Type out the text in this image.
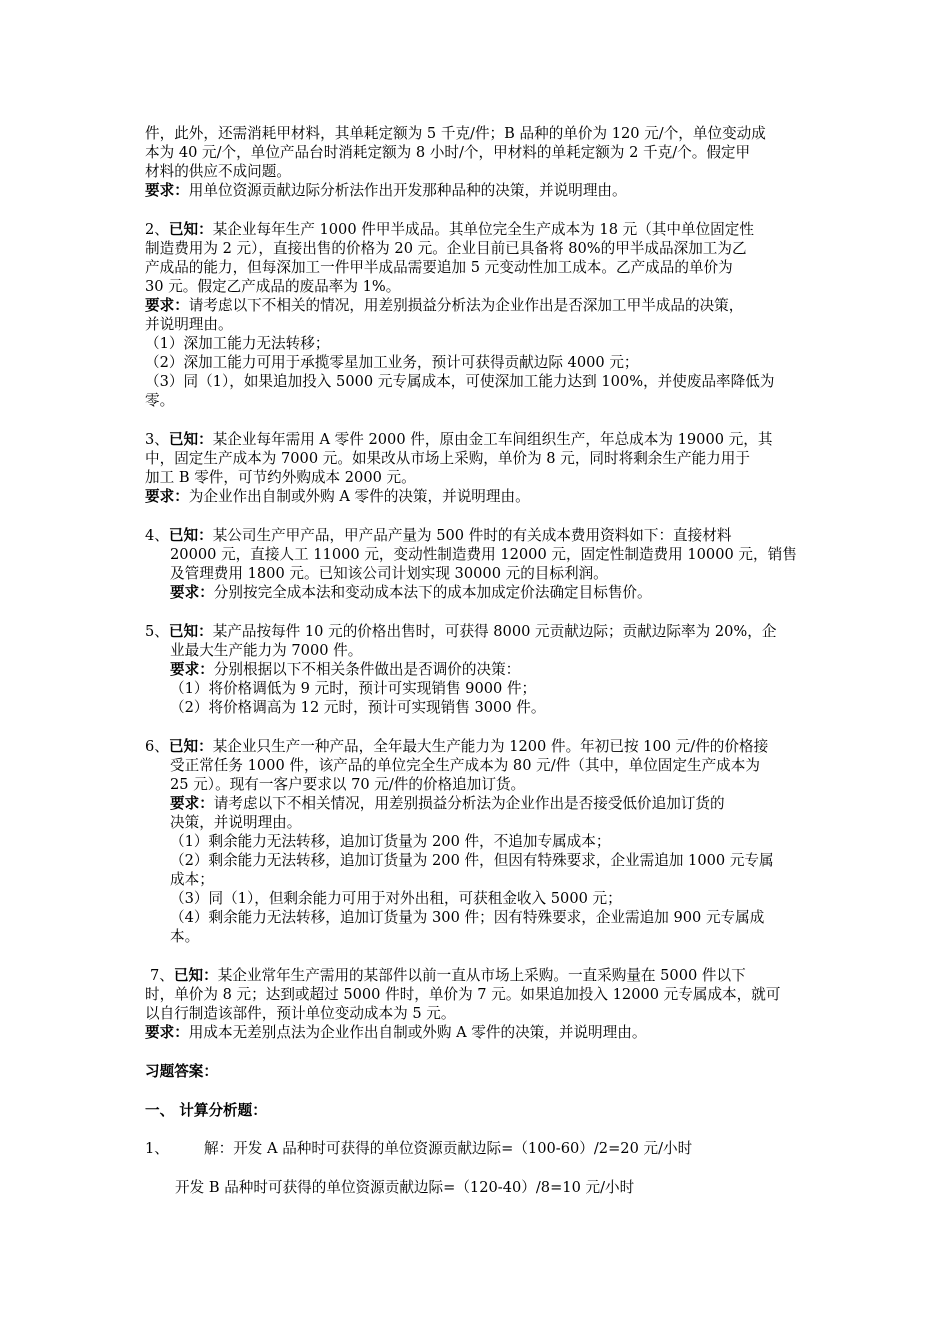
件，此外，还需消耗甲材料，其单耗定额为 5 千克/件；B 品种的单价为 120 元/个，单位变动成
本为 40 元/个，单位产品台时消耗定额为 8 小时/个，甲材料的单耗定额为 2 千克/个。假定甲
材料的供应不成问题。
要求：用单位资源贡献边际分析法作出开发那种品种的决策，并说明理由。
2、已知：某企业每年生产 1000 件甲半成品。其单位完全生产成本为 18 元（其中单位固定性
制造费用为 2 元），直接出售的价格为 20 元。企业目前已具备将 80%的甲半成品深加工为乙
产成品的能力，但每深加工一件甲半成品需要追加 5 元变动性加工成本。乙产成品的单价为
30 元。假定乙产成品的废品率为 1%。
要求：请考虑以下不相关的情况，用差别损益分析法为企业作出是否深加工甲半成品的决策，
并说明理由。
（1）深加工能力无法转移；
（2）深加工能力可用于承揽零星加工业务，预计可获得贡献边际 4000 元；
（3）同（1），如果追加投入 5000 元专属成本，可使深加工能力达到 100%，并使废品率降低为
零。
3、已知：某企业每年需用 A 零件 2000 件，原由金工车间组织生产，年总成本为 19000 元，其
中，固定生产成本为 7000 元。如果改从市场上采购，单价为 8 元，同时将剩余生产能力用于
加工 B 零件，可节约外购成本 2000 元。
要求：为企业作出自制或外购 A 零件的决策，并说明理由。
4、已知：某公司生产甲产品，甲产品产量为 500 件时的有关成本费用资料如下：直接材料
20000 元，直接人工 11000 元，变动性制造费用 12000 元，固定性制造费用 10000 元，销售
及管理费用 1800 元。已知该公司计划实现 30000 元的目标利润。
要求：分别按完全成本法和变动成本法下的成本加成定价法确定目标售价。
5、已知：某产品按每件 10 元的价格出售时，可获得 8000 元贡献边际；贡献边际率为 20%，企
业最大生产能力为 7000 件。
要求：分别根据以下不相关条件做出是否调价的决策：
（1）将价格调低为 9 元时，预计可实现销售 9000 件；
（2）将价格调高为 12 元时，预计可实现销售 3000 件。
6、已知：某企业只生产一种产品，全年最大生产能力为 1200 件。年初已按 100 元/件的价格接
受正常任务 1000 件，该产品的单位完全生产成本为 80 元/件（其中，单位固定生产成本为
25 元）。现有一客户要求以 70 元/件的价格追加订货。
要求：请考虑以下不相关情况，用差别损益分析法为企业作出是否接受低价追加订货的
决策，并说明理由。
（1）剩余能力无法转移，追加订货量为 200 件，不追加专属成本；
（2）剩余能力无法转移，追加订货量为 200 件，但因有特殊要求，企业需追加 1000 元专属
成本；
（3）同（1），但剩余能力可用于对外出租，可获租金收入 5000 元；
（4）剩余能力无法转移，追加订货量为 300 件；因有特殊要求，企业需追加 900 元专属成
本。
7、已知：某企业常年生产需用的某部件以前一直从市场上采购。一直采购量在 5000 件以下
时，单价为 8 元；达到或超过 5000 件时，单价为 7 元。如果追加投入 12000 元专属成本，就可
以自行制造该部件，预计单位变动成本为 5 元。
要求：用成本无差别点法为企业作出自制或外购 A 零件的决策，并说明理由。
习题答案：
一、 计算分析题：
1、 解：开发 A 品种时可获得的单位资源贡献边际=（100-60）/2=20 元/小时
开发 B 品种时可获得的单位资源贡献边际=（120-40）/8=10 元/小时
